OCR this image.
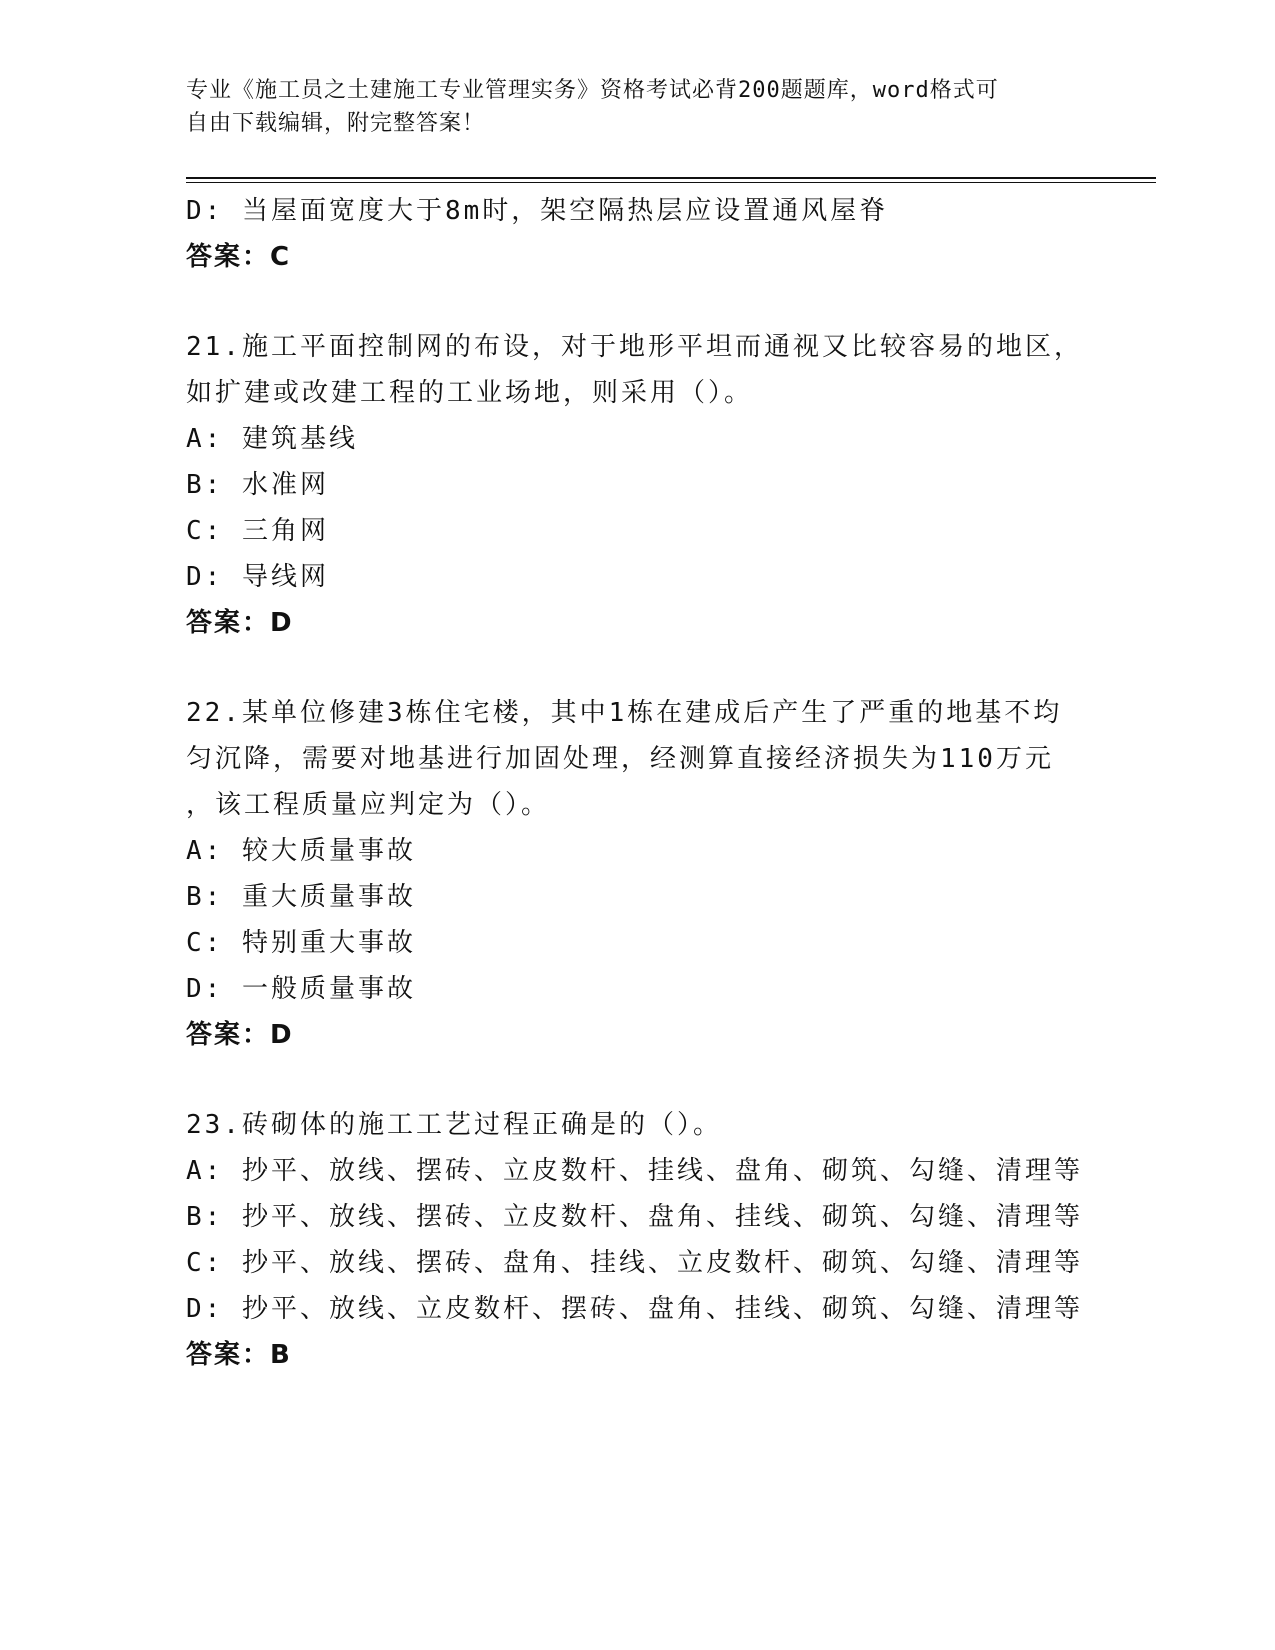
专业《施工员之土建施工专业管理实务》资格考试必背200题题库，word格式可
自由下载编辑，附完整答案！
D: 当屋面宽度大于8m时，架空隔热层应设置通风屋脊
答案：C
21.施工平面控制网的布设，对于地形平坦而通视又比较容易的地区，
如扩建或改建工程的工业场地，则采用（）。
A: 建筑基线
B: 水准网
C: 三角网
D: 导线网
答案：D
22.某单位修建3栋住宅楼，其中1栋在建成后产生了严重的地基不均
匀沉降，需要对地基进行加固处理，经测算直接经济损失为110万元
，该工程质量应判定为（）。
A: 较大质量事故
B: 重大质量事故
C: 特别重大事故
D: 一般质量事故
答案：D
23.砖砌体的施工工艺过程正确是的（）。
A: 抄平、放线、摆砖、立皮数杆、挂线、盘角、砌筑、勾缝、清理等
B: 抄平、放线、摆砖、立皮数杆、盘角、挂线、砌筑、勾缝、清理等
C: 抄平、放线、摆砖、盘角、挂线、立皮数杆、砌筑、勾缝、清理等
D: 抄平、放线、立皮数杆、摆砖、盘角、挂线、砌筑、勾缝、清理等
答案：B
